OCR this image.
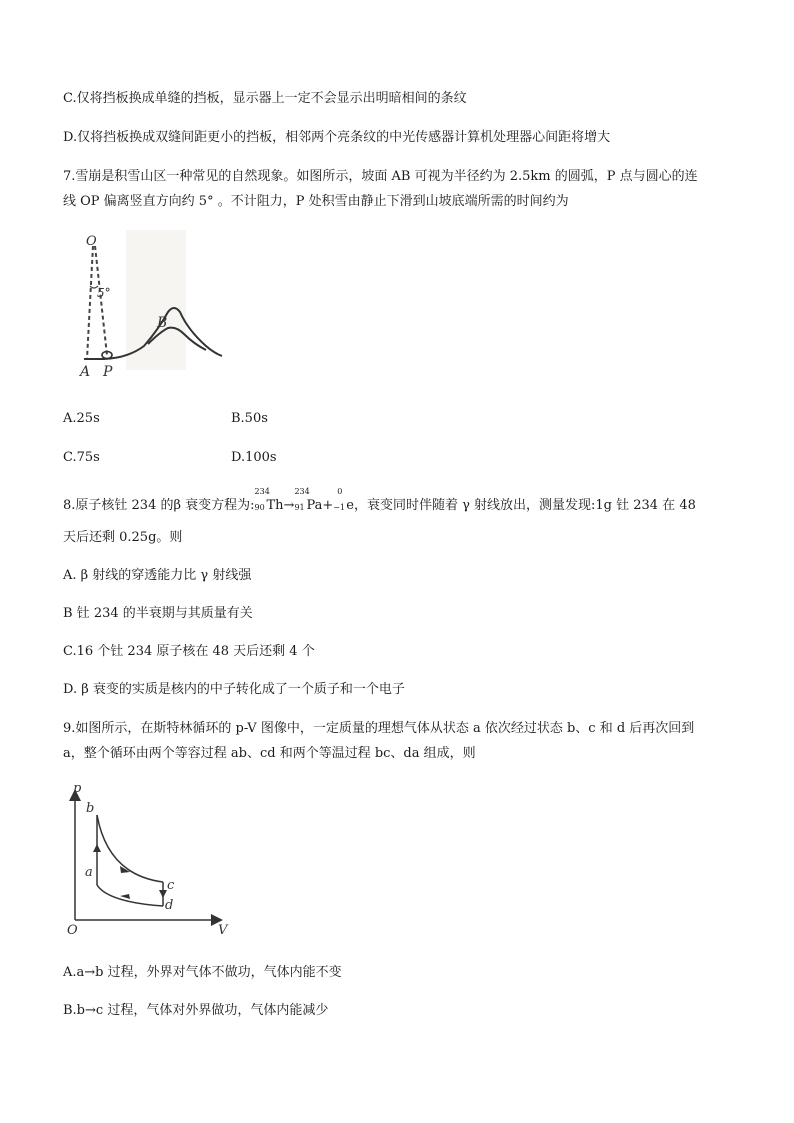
C.仅将挡板换成单缝的挡板，显示器上一定不会显示出明暗相间的条纹
D.仅将挡板换成双缝间距更小的挡板，相邻两个亮条纹的中光传感器计算机处理器心间距将增大
7.雪崩是积雪山区一种常见的自然现象。如图所示，坡面 AB 可视为半径约为 2.5km 的圆弧，P 点与圆心的连
线 OP 偏离竖直方向约 5° 。不计阻力，P 处积雪由静止下滑到山坡底端所需的时间约为
O
5°
B
A P
A.25s	B.50s
C.75s	D.100s
8.原子核钍 234 的β 衰变方程为:
234
90 Th→
234
91 Pa+
0
−1 e，衰变同时伴随着 γ 射线放出，测量发现:1g 钍 234 在 48
天后还剩 0.25g。则
A. β 射线的穿透能力比 γ 射线强
B 钍 234 的半衰期与其质量有关
C.16 个钍 234 原子核在 48 天后还剩 4 个
D. β 衰变的实质是核内的中子转化成了一个质子和一个电子
9.如图所示，在斯特林循环的 p-V 图像中，一定质量的理想气体从状态 a 依次经过状态 b、c 和 d 后再次回到
a，整个循环由两个等容过程 ab、cd 和两个等温过程 bc、da 组成，则
p
V
O
b
a
c
d
A.a→b 过程，外界对气体不做功，气体内能不变
B.b→c 过程，气体对外界做功，气体内能减少
